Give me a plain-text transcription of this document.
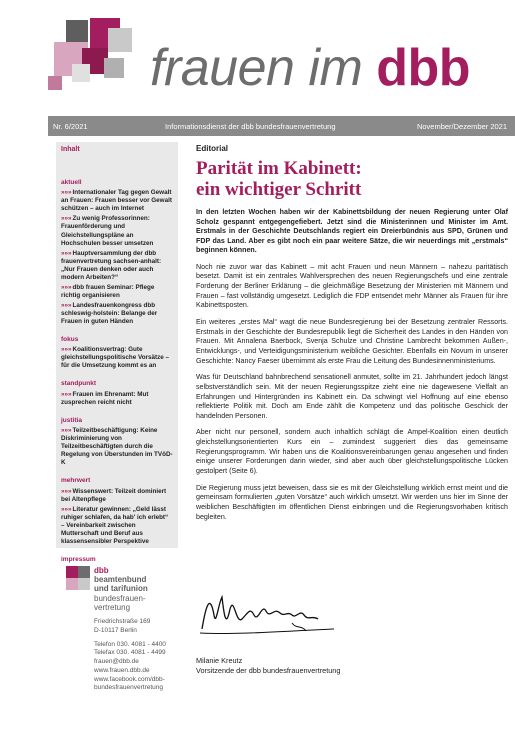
frauen im dbb
Nr. 6/2021	Informationsdienst der dbb bundesfrauenvertretung	November/Dezember 2021
Inhalt
aktuell
»»»Internationaler Tag gegen Gewalt an Frauen: Frauen besser vor Gewalt schützen – auch im Internet
»»»Zu wenig Professorinnen: Frauenförderung und Gleichstellungspläne an Hochschulen besser umsetzen
»»»Hauptversammlung der dbb frauenvertretung sachsen-anhalt: „Nur Frauen denken oder auch modern Arbeiten?“
»»»dbb frauen Seminar: Pflege richtig organisieren
»»»Landesfrauenkongress dbb schleswig-holstein: Belange der Frauen in guten Händen
fokus
»»»Koalitionsvertrag: Gute gleichstellungspolitische Vorsätze – für die Umsetzung kommt es an
standpunkt
»»»Frauen im Ehrenamt: Mut zusprechen reicht nicht
justitia
»»»Teilzeitbeschäftigung: Keine Diskriminierung von Teilzeitbeschäftigten durch die Regelung von Überstunden im TVöD-K
mehrwert
»»»Wissenswert: Teilzeit dominiert bei Altenpflege
»»»Literatur gewinnen: „Geld lässt ruhiger schlafen, da hab' ich erlebt“ – Vereinbarkeit zwischen Mutterschaft und Beruf aus klassensensibler Perspektive
impressum
dbb
beamtenbund
und tarifunion
bundesfrauen-
vertretung
Friedrichstraße 169
D-10117 Berlin
Telefon 030. 4081 - 4400
Telefax 030. 4081 - 4499
frauen@dbb.de
www.frauen.dbb.de
www.facebook.com/dbb-
bundesfrauenvertretung
Editorial
Parität im Kabinett:
ein wichtiger Schritt

In den letzten Wochen haben wir der Kabinettsbildung der neuen Regierung unter Olaf Scholz gespannt entgegengefiebert. Jetzt sind die Ministerinnen und Minister im Amt. Erstmals in der Geschichte Deutschlands regiert ein Dreierbündnis aus SPD, Grünen und FDP das Land. Aber es gibt noch ein paar weitere Sätze, die wir neuerdings mit „erstmals“ beginnen können.

Noch nie zuvor war das Kabinett – mit acht Frauen und neun Männern – nahezu paritätisch besetzt. Damit ist ein zentrales Wahlversprechen des neuen Regierungschefs und eine zentrale Forderung der Berliner Erklärung – die gleichmäßige Besetzung der Ministerien mit Männern und Frauen – fast vollständig umgesetzt. Lediglich die FDP entsendet mehr Männer als Frauen für ihre Kabinettsposten.

Ein weiteres „erstes Mal“ wagt die neue Bundesregierung bei der Besetzung zentraler Ressorts. Erstmals in der Geschichte der Bundesrepublik liegt die Sicherheit des Landes in den Händen von Frauen. Mit Annalena Baerbock, Svenja Schulze und Christine Lambrecht bekommen Außen-, Entwicklungs-, und Verteidigungsministerium weibliche Gesichter. Ebenfalls ein Novum in unserer Geschichte: Nancy Faeser übernimmt als erste Frau die Leitung des Bundesinnenministeriums.

Was für Deutschland bahnbrechend sensationell anmutet, sollte im 21. Jahrhundert jedoch längst selbstverständlich sein. Mit der neuen Regierungsspitze zieht eine nie dagewesene Vielfalt an Erfahrungen und Hintergründen ins Kabinett ein. Da schwingt viel Hoffnung auf eine ebenso reflektierte Politik mit. Doch am Ende zählt die Kompetenz und das politische Geschick der handelnden Personen.

Aber nicht nur personell, sondern auch inhaltlich schlägt die Ampel-Koalition einen deutlich gleichstellungsorientierten Kurs ein – zumindest suggeriert dies das gemeinsame Regierungsprogramm. Wir haben uns die Koalitionsvereinbarungen genau angesehen und finden einige unserer Forderungen darin wieder, sind aber auch über gleichstellungspolitische Lücken gestolpert (Seite 6).

Die Regierung muss jetzt beweisen, dass sie es mit der Gleichstellung wirklich ernst meint und die gemeinsam formulierten „guten Vorsätze“ auch wirklich umsetzt. Wir werden uns hier im Sinne der weiblichen Beschäftigten im öffentlichen Dienst einbringen und die Regierungsvorhaben kritisch begleiten.

Milanie Kreutz
Vorsitzende der dbb bundesfrauenvertretung
